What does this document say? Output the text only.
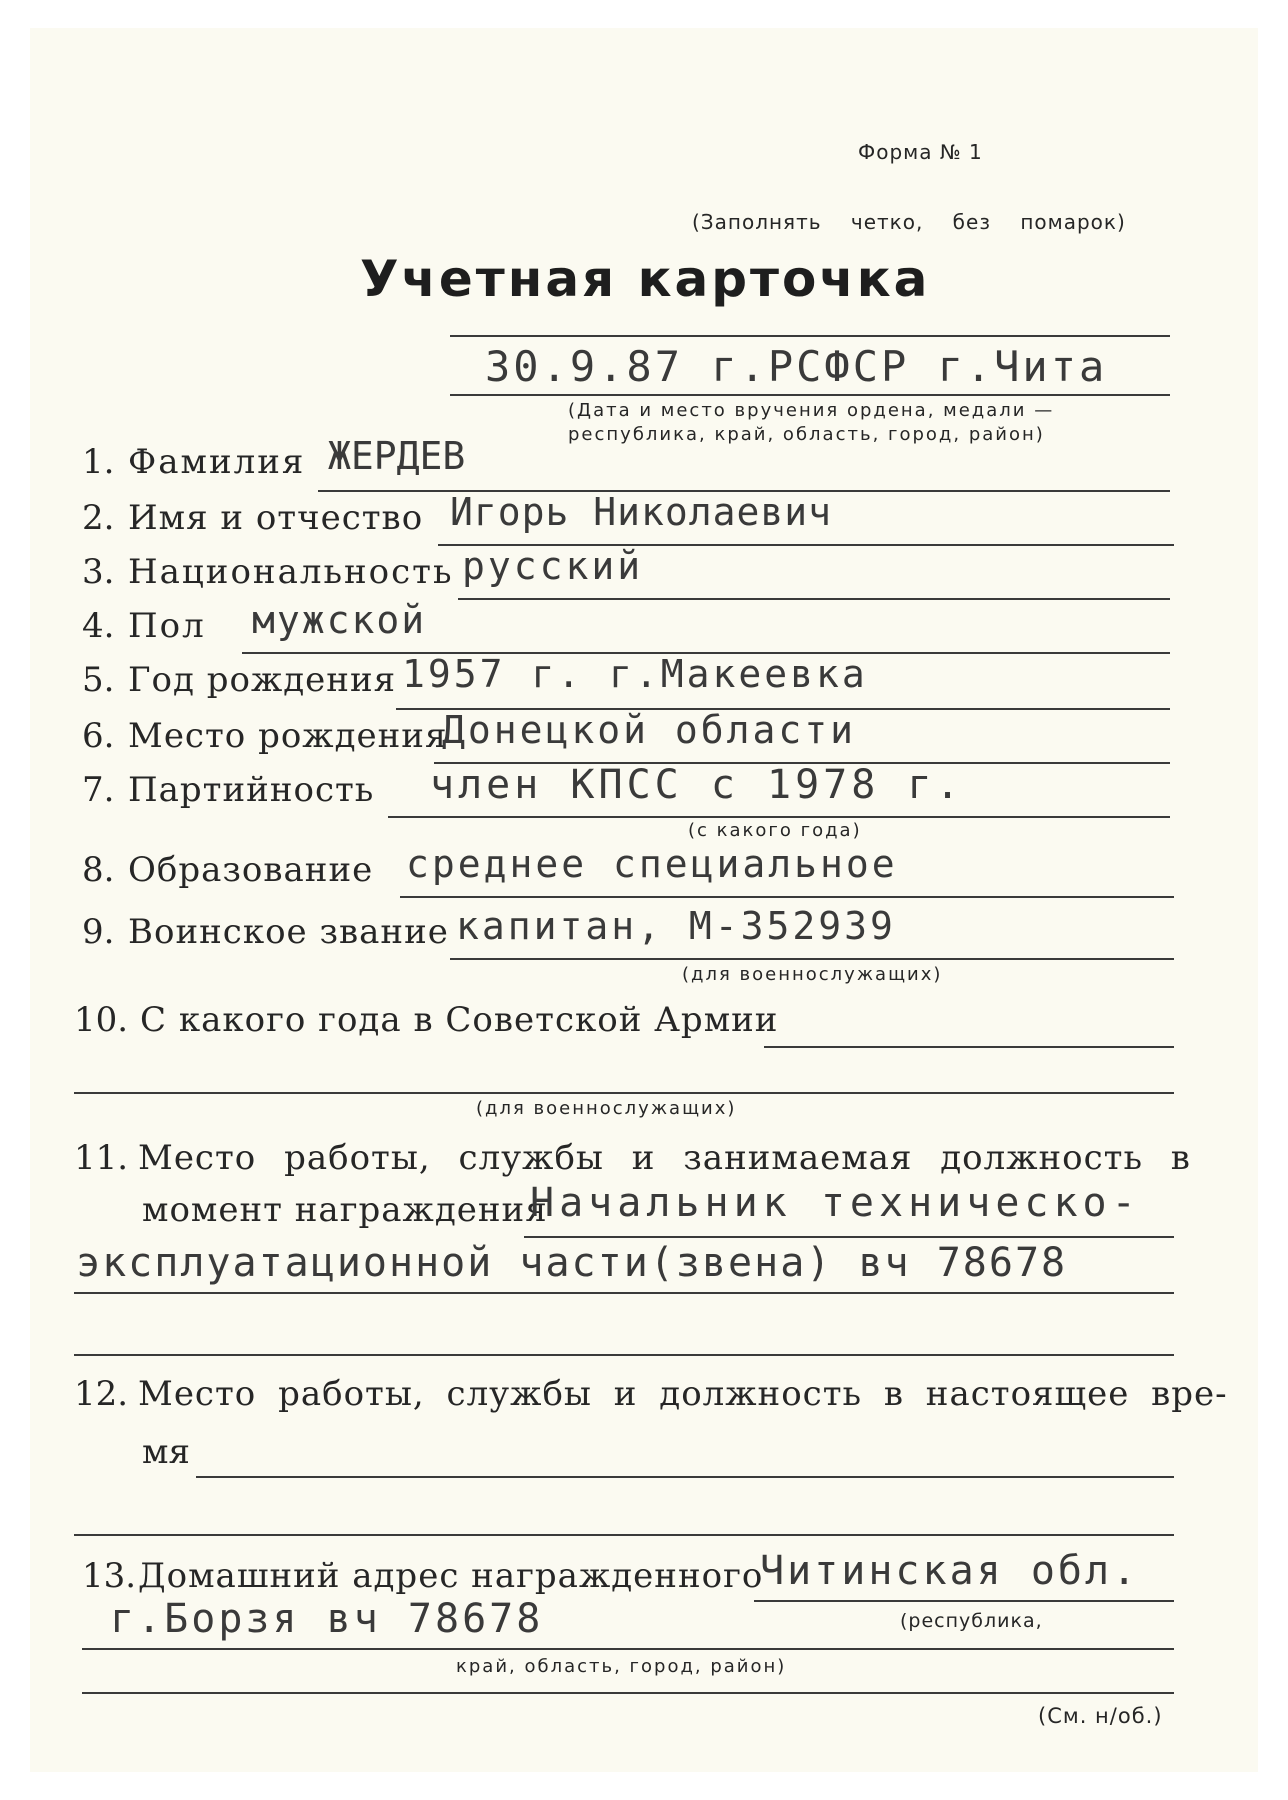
Форма № 1
(Заполнять четко, без помарок)
Учетная карточка
30.9.87 г.РСФСР г.Чита
(Дата и место вручения ордена, медали —
республика, край, область, город, район)
1. Фамилия ЖЕРДЕВ
2. Имя и отчество Игорь Николаевич
3. Национальность русский
4. Пол мужской
5. Год рождения 1957 г. г.Макеевка
6. Место рождения
Донецкой области
7. Партийность член КПСС с 1978 г.
(с какого года)
8. Образование среднее специальное
9. Воинское звание капитан, М-352939
(для военнослужащих)
10. С какого года в Советской Армии
(для военнослужащих)
11. Место работы, службы и занимаемая должность в
момент награждения
Начальник техническо-
эксплуатационной части(звена) вч 78678
12. Место работы, службы и должность в настоящее вре-
мя
13. Домашний адрес награжденного
Читинская обл.
г.Борзя вч 78678	(республика,
край, область, город, район)
(См. н/об.)
